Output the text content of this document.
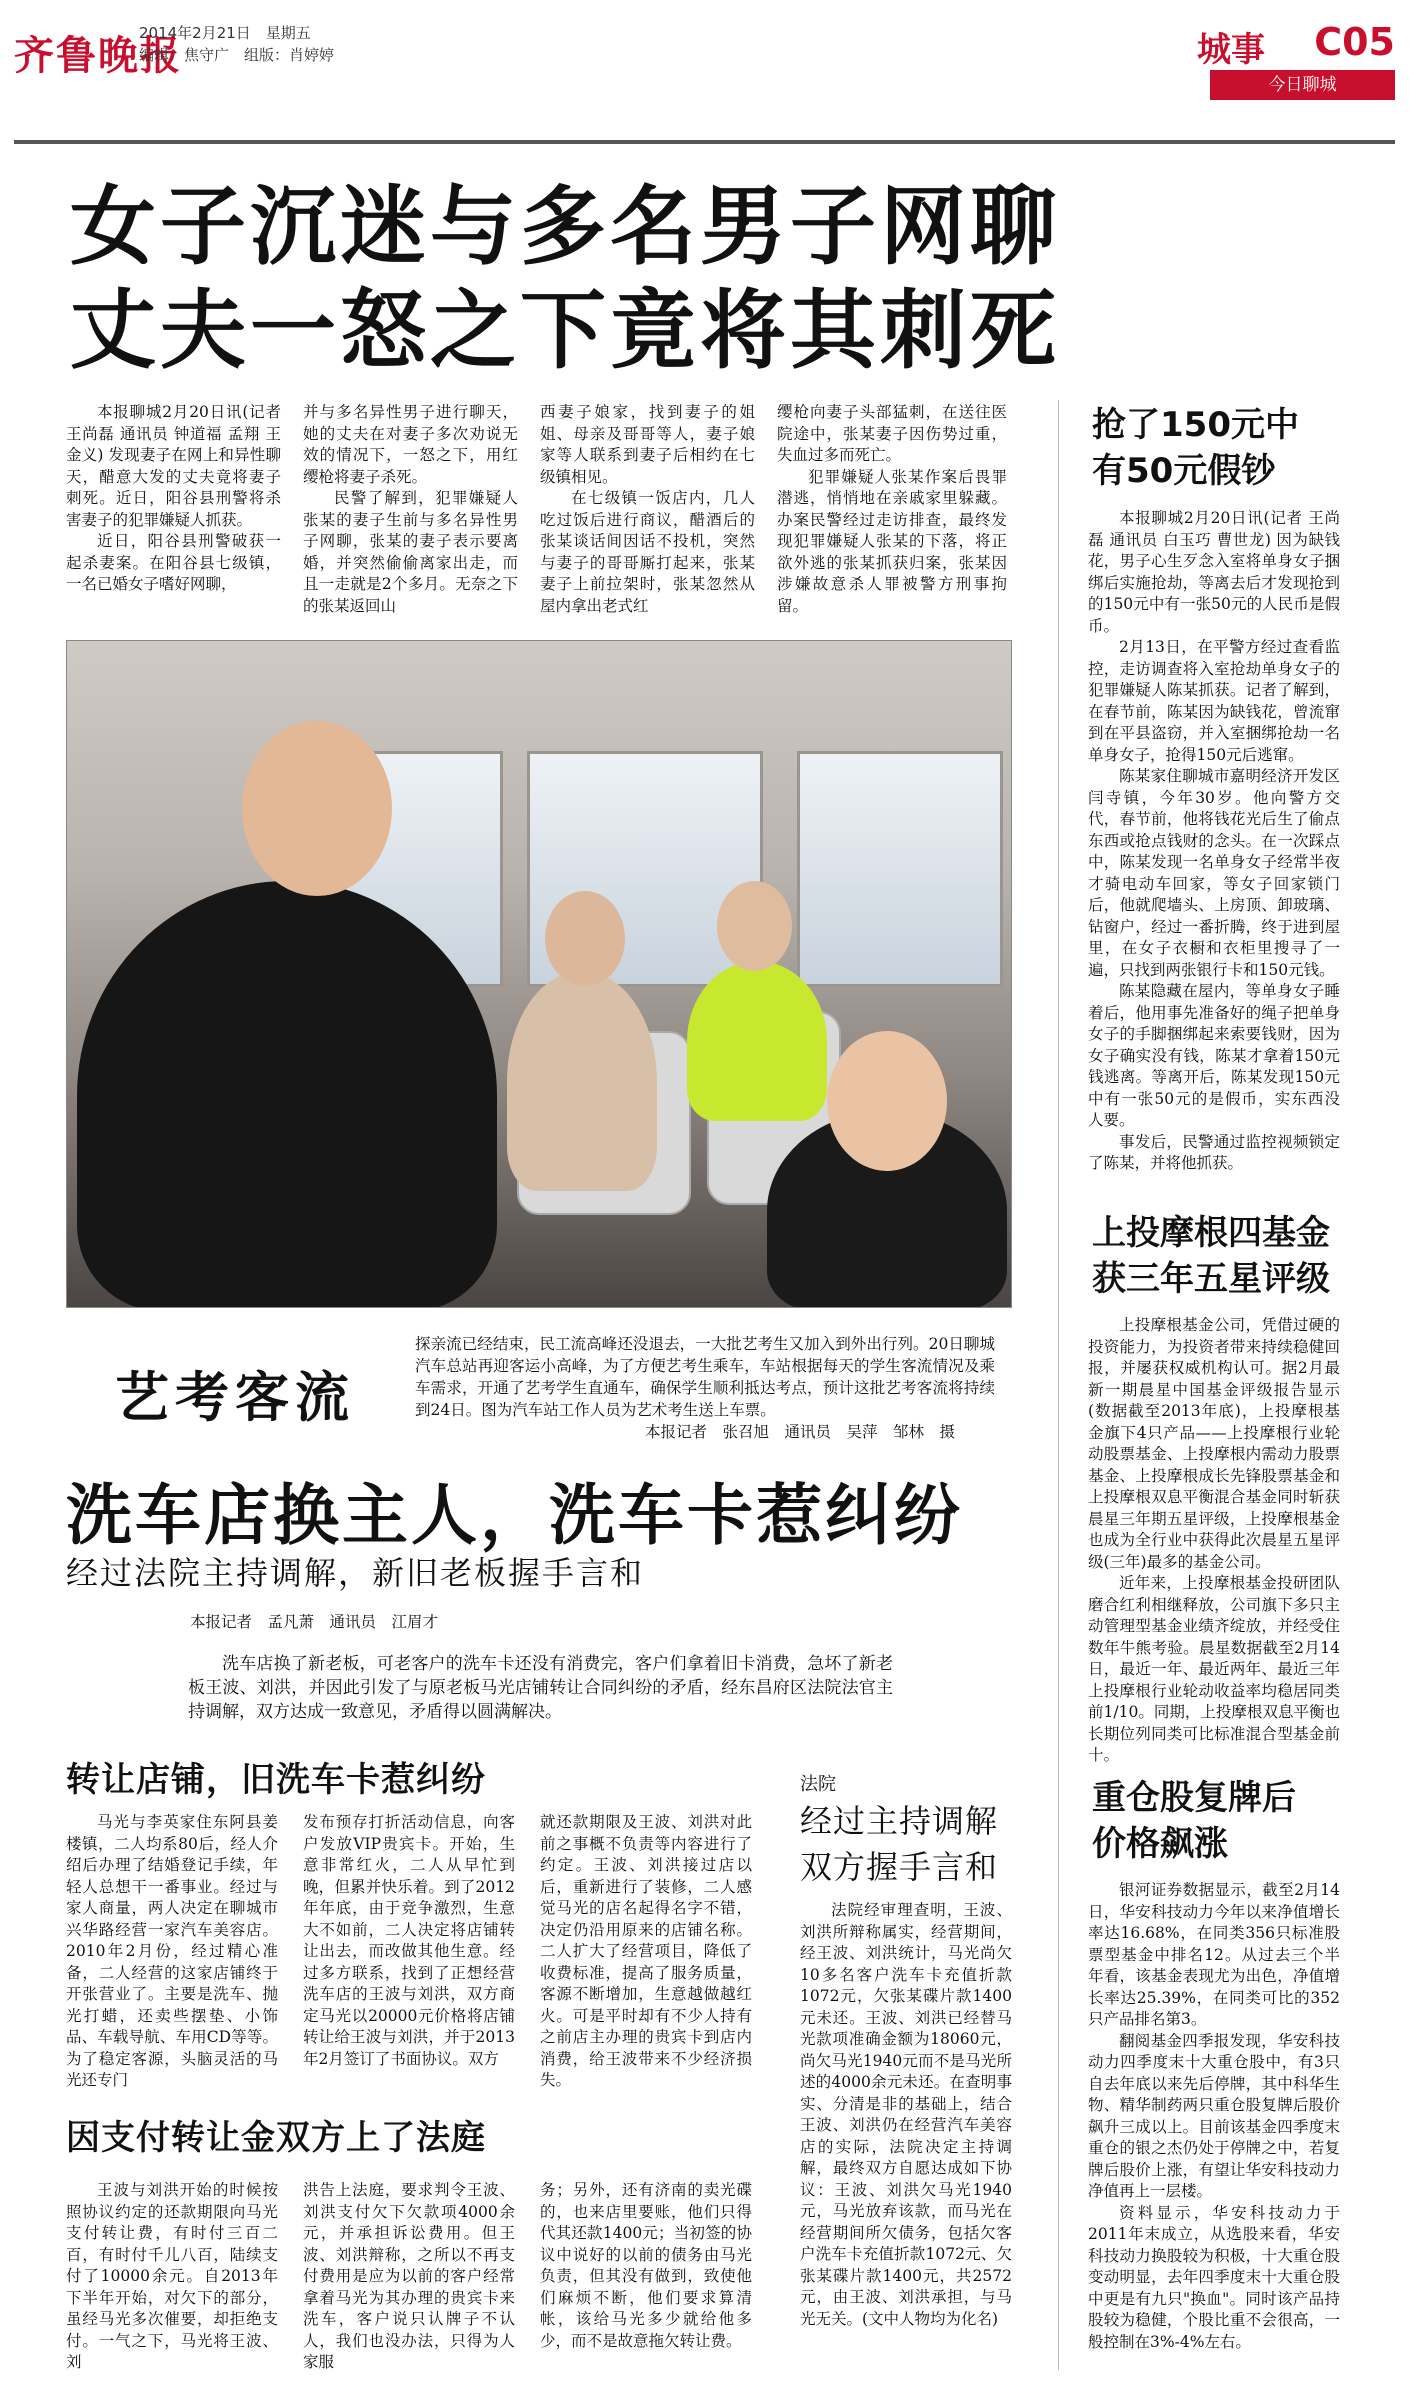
齐鲁晚报
2014年2月21日　星期五
编辑：焦守广　组版：肖婷婷	城事 C05
今日聊城
女子沉迷与多名男子网聊
丈夫一怒之下竟将其刺死

本报聊城2月20日讯(记者 王尚磊 通讯员 钟道福 孟翔 王金义) 发现妻子在网上和异性聊天，醋意大发的丈夫竟将妻子刺死。近日，阳谷县刑警将杀害妻子的犯罪嫌疑人抓获。

近日，阳谷县刑警破获一起杀妻案。在阳谷县七级镇，一名已婚女子嗜好网聊，

并与多名异性男子进行聊天，她的丈夫在对妻子多次劝说无效的情况下，一怒之下，用红缨枪将妻子杀死。

民警了解到，犯罪嫌疑人张某的妻子生前与多名异性男子网聊，张某的妻子表示要离婚，并突然偷偷离家出走，而且一走就是2个多月。无奈之下的张某返回山

西妻子娘家，找到妻子的姐姐、母亲及哥哥等人，妻子娘家等人联系到妻子后相约在七级镇相见。

在七级镇一饭店内，几人吃过饭后进行商议，醋酒后的张某谈话间因话不投机，突然与妻子的哥哥厮打起来，张某妻子上前拉架时，张某忽然从屋内拿出老式红

缨枪向妻子头部猛刺，在送往医院途中，张某妻子因伤势过重，失血过多而死亡。

犯罪嫌疑人张某作案后畏罪潜逃，悄悄地在亲戚家里躲藏。办案民警经过走访排查，最终发现犯罪嫌疑人张某的下落，将正欲外逃的张某抓获归案，张某因涉嫌故意杀人罪被警方刑事拘留。

艺考客流
探亲流已经结束，民工流高峰还没退去，一大批艺考生又加入到外出行列。20日聊城汽车总站再迎客运小高峰，为了方便艺考生乘车，车站根据每天的学生客流情况及乘车需求，开通了艺考学生直通车，确保学生顺利抵达考点，预计这批艺考客流将持续到24日。图为汽车站工作人员为艺术考生送上车票。
本报记者　张召旭　通讯员　吴萍　邹林　摄
洗车店换主人，洗车卡惹纠纷
经过法院主持调解，新旧老板握手言和
本报记者　孟凡萧　通讯员　江眉才
洗车店换了新老板，可老客户的洗车卡还没有消费完，客户们拿着旧卡消费，急坏了新老板王波、刘洪，并因此引发了与原老板马光店铺转让合同纠纷的矛盾，经东昌府区法院法官主持调解，双方达成一致意见，矛盾得以圆满解决。
转让店铺，旧洗车卡惹纠纷

马光与李英家住东阿县姜楼镇，二人均系80后，经人介绍后办理了结婚登记手续，年轻人总想干一番事业。经过与家人商量，两人决定在聊城市兴华路经营一家汽车美容店。2010年2月份，经过精心准备，二人经营的这家店铺终于开张营业了。主要是洗车、抛光打蜡，还卖些摆垫、小饰品、车载导航、车用CD等等。为了稳定客源，头脑灵活的马光还专门

发布预存打折活动信息，向客户发放VIP贵宾卡。开始，生意非常红火，二人从早忙到晚，但累并快乐着。到了2012年年底，由于竞争激烈，生意大不如前，二人决定将店铺转让出去，而改做其他生意。经过多方联系，找到了正想经营洗车店的王波与刘洪，双方商定马光以20000元价格将店铺转让给王波与刘洪，并于2013年2月签订了书面协议。双方

就还款期限及王波、刘洪对此前之事概不负责等内容进行了约定。王波、刘洪接过店以后，重新进行了装修，二人感觉马光的店名起得名字不错，决定仍沿用原来的店铺名称。二人扩大了经营项目，降低了收费标准，提高了服务质量，客源不断增加，生意越做越红火。可是平时却有不少人持有之前店主办理的贵宾卡到店内消费，给王波带来不少经济损失。

因支付转让金双方上了法庭

王波与刘洪开始的时候按照协议约定的还款期限向马光支付转让费，有时付三百二百，有时付千儿八百，陆续支付了10000余元。自2013年下半年开始，对欠下的部分，虽经马光多次催要，却拒绝支付。一气之下，马光将王波、刘

洪告上法庭，要求判令王波、刘洪支付欠下欠款项4000余元，并承担诉讼费用。但王波、刘洪辩称，之所以不再支付费用是应为以前的客户经常拿着马光为其办理的贵宾卡来洗车，客户说只认牌子不认人，我们也没办法，只得为人家服

务；另外，还有济南的卖光碟的，也来店里要账，他们只得代其还款1400元；当初签的协议中说好的以前的债务由马光负责，但其没有做到，致使他们麻烦不断，他们要求算清帐，该给马光多少就给他多少，而不是故意拖欠转让费。

法院
经过主持调解
双方握手言和

法院经审理查明，王波、刘洪所辩称属实，经营期间，经王波、刘洪统计，马光尚欠10多名客户洗车卡充值折款1072元，欠张某碟片款1400元未还。王波、刘洪已经替马光款项准确金额为18060元，尚欠马光1940元而不是马光所述的4000余元未还。在查明事实、分清是非的基础上，结合王波、刘洪仍在经营汽车美容店的实际，法院决定主持调解，最终双方自愿达成如下协议：王波、刘洪欠马光1940元，马光放弃该款，而马光在经营期间所欠债务，包括欠客户洗车卡充值折款1072元、欠张某碟片款1400元，共2572元，由王波、刘洪承担，与马光无关。(文中人物均为化名)

抢了150元中
有50元假钞

本报聊城2月20日讯(记者 王尚磊 通讯员 白玉巧 曹世龙) 因为缺钱花，男子心生歹念入室将单身女子捆绑后实施抢劫，等离去后才发现抢到的150元中有一张50元的人民币是假币。

2月13日，在平警方经过查看监控，走访调查将入室抢劫单身女子的犯罪嫌疑人陈某抓获。记者了解到，在春节前，陈某因为缺钱花，曾流窜到在平县盗窃，并入室捆绑抢劫一名单身女子，抢得150元后逃窜。

陈某家住聊城市嘉明经济开发区闫寺镇，今年30岁。他向警方交代，春节前，他将钱花光后生了偷点东西或抢点钱财的念头。在一次踩点中，陈某发现一名单身女子经常半夜才骑电动车回家，等女子回家锁门后，他就爬墙头、上房顶、卸玻璃、钻窗户，经过一番折腾，终于进到屋里，在女子衣橱和衣柜里搜寻了一遍，只找到两张银行卡和150元钱。

陈某隐藏在屋内，等单身女子睡着后，他用事先准备好的绳子把单身女子的手脚捆绑起来索要钱财，因为女子确实没有钱，陈某才拿着150元钱逃离。等离开后，陈某发现150元中有一张50元的是假币，实东西没人要。

事发后，民警通过监控视频锁定了陈某，并将他抓获。

上投摩根四基金
获三年五星评级

上投摩根基金公司，凭借过硬的投资能力，为投资者带来持续稳健回报，并屡获权威机构认可。据2月最新一期晨星中国基金评级报告显示(数据截至2013年底)，上投摩根基金旗下4只产品——上投摩根行业轮动股票基金、上投摩根内需动力股票基金、上投摩根成长先锋股票基金和上投摩根双息平衡混合基金同时斩获晨星三年期五星评级，上投摩根基金也成为全行业中获得此次晨星五星评级(三年)最多的基金公司。

近年来，上投摩根基金投研团队磨合红利相继释放，公司旗下多只主动管理型基金业绩齐绽放，并经受住数年牛熊考验。晨星数据截至2月14日，最近一年、最近两年、最近三年上投摩根行业轮动收益率均稳居同类前1/10。同期，上投摩根双息平衡也长期位列同类可比标准混合型基金前十。

重仓股复牌后
价格飙涨

银河证券数据显示，截至2月14日，华安科技动力今年以来净值增长率达16.68%，在同类356只标准股票型基金中排名12。从过去三个半年看，该基金表现尤为出色，净值增长率达25.39%，在同类可比的352只产品排名第3。

翻阅基金四季报发现，华安科技动力四季度末十大重仓股中，有3只自去年底以来先后停牌，其中科华生物、精华制药两只重仓股复牌后股价飙升三成以上。目前该基金四季度末重仓的银之杰仍处于停牌之中，若复牌后股价上涨，有望让华安科技动力净值再上一层楼。

资料显示，华安科技动力于2011年末成立，从选股来看，华安科技动力换股较为积极，十大重仓股变动明显，去年四季度末十大重仓股中更是有九只"换血"。同时该产品持股较为稳健，个股比重不会很高，一般控制在3%-4%左右。
